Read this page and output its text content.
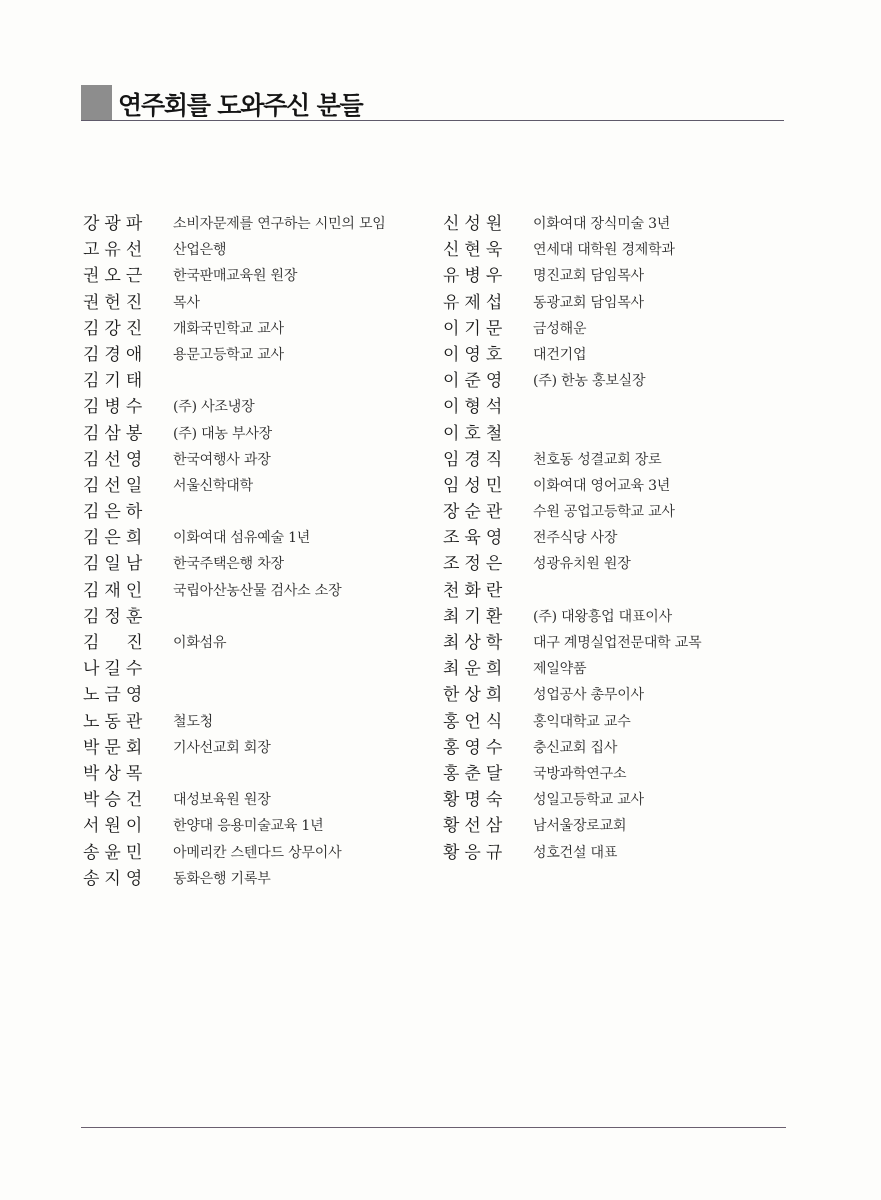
연주회를 도와주신 분들
강광파	소비자문제를 연구하는 시민의 모임
고유선	산업은행
권오근	한국판매교육원 원장
권헌진	목사
김강진	개화국민학교 교사
김경애	용문고등학교 교사
김기태
김병수	(주) 사조냉장
김삼봉	(주) 대농 부사장
김선영	한국여행사 과장
김선일	서울신학대학
김은하
김은희	이화여대 섬유예술 1년
김일남	한국주택은행 차장
김재인	국립아산농산물 검사소 소장
김정훈
김　진	이화섬유
나길수
노금영
노동관	철도청
박문회	기사선교회 회장
박상목
박승건	대성보육원 원장
서원이	한양대 응용미술교육 1년
송윤민	아메리칸 스텐다드 상무이사
송지영	동화은행 기록부
신성원	이화여대 장식미술 3년
신현욱	연세대 대학원 경제학과
유병우	명진교회 담임목사
유제섭	동광교회 담임목사
이기문	금성해운
이영호	대건기업
이준영	(주) 한농 홍보실장
이형석
이호철
임경직	천호동 성결교회 장로
임성민	이화여대 영어교육 3년
장순관	수원 공업고등학교 교사
조육영	전주식당 사장
조정은	성광유치원 원장
천화란
최기환	(주) 대왕흥업 대표이사
최상학	대구 계명실업전문대학 교목
최운희	제일약품
한상희	성업공사 총무이사
홍언식	홍익대학교 교수
홍영수	충신교회 집사
홍춘달	국방과학연구소
황명숙	성일고등학교 교사
황선삼	남서울장로교회
황응규	성호건설 대표
